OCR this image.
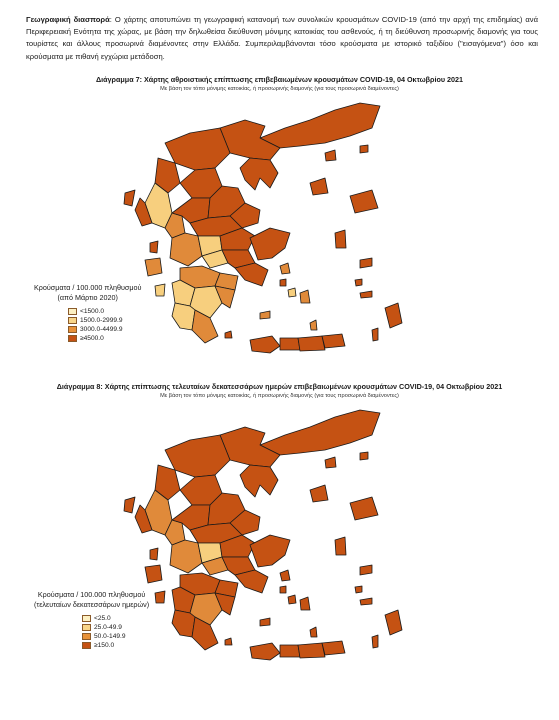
Γεωγραφική διασπορά: Ο χάρτης αποτυπώνει τη γεωγραφική κατανομή των συνολικών κρουσμάτων COVID-19 (από την αρχή της επιδημίας) ανά Περιφερειακή Ενότητα της χώρας, με βάση την δηλωθείσα διεύθυνση μόνιμης κατοικίας του ασθενούς, ή τη διεύθυνση προσωρινής διαμονής για τους τουρίστες και άλλους προσωρινά διαμένοντες στην Ελλάδα. Συμπεριλαμβάνονται τόσο κρούσματα με ιστορικό ταξιδίου ("εισαγόμενα") όσο και κρούσματα με πιθανή εγχώρια μετάδοση.
Διάγραμμα 7: Χάρτης αθροιστικής επίπτωσης επιβεβαιωμένων κρουσμάτων COVID-19, 04 Οκτωβρίου 2021
Με βάση τον τόπο μόνιμης κατοικίας, ή προσωρινής διαμονής (για τους προσωρινά διαμένοντες)
Κρούσματα / 100.000 πληθυσμού
(από Μάρτιο 2020)
<1500.0
1500.0-2999.9
3000.0-4499.9
≥4500.0
Διάγραμμα 8: Χάρτης επίπτωσης τελευταίων δεκατεσσάρων ημερών επιβεβαιωμένων κρουσμάτων COVID-19, 04 Οκτωβρίου 2021
Με βάση τον τόπο μόνιμης κατοικίας, ή προσωρινής διαμονής (για τους προσωρινά διαμένοντες)
Κρούσματα / 100.000 πληθυσμού
(τελευταίων δεκατεσσάρων ημερών)
<25.0
25.0-49.9
50.0-149.9
≥150.0
